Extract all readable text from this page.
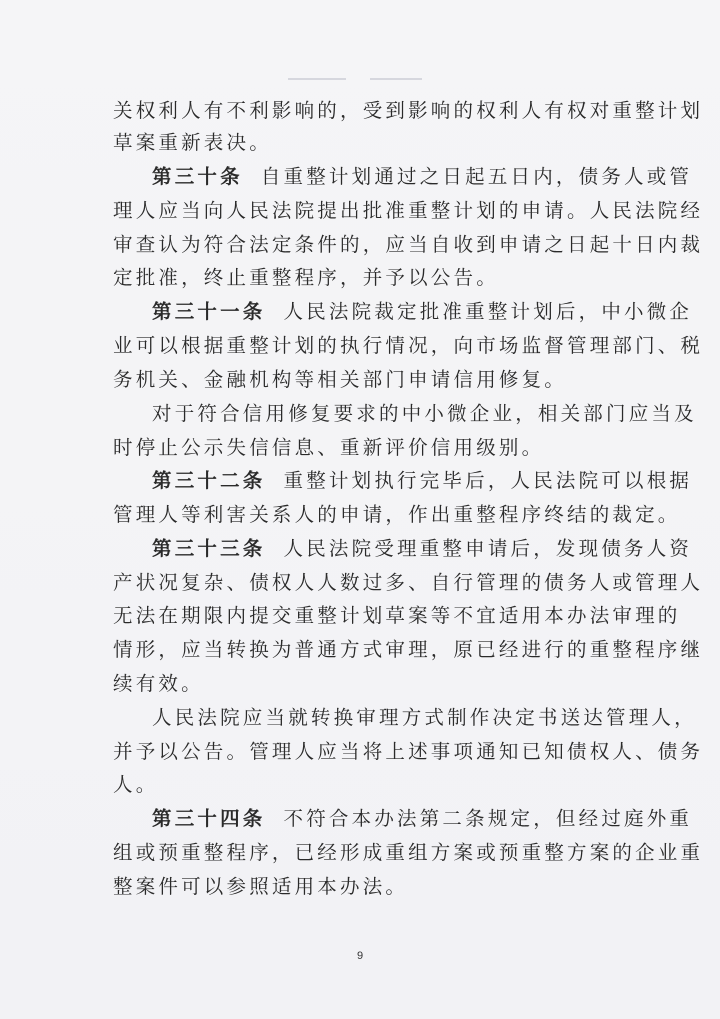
关权利人有不利影响的，受到影响的权利人有权对重整计划
草案重新表决。
第三十条 自重整计划通过之日起五日内，债务人或管
理人应当向人民法院提出批准重整计划的申请。人民法院经
审查认为符合法定条件的，应当自收到申请之日起十日内裁
定批准，终止重整程序，并予以公告。
第三十一条 人民法院裁定批准重整计划后，中小微企
业可以根据重整计划的执行情况，向市场监督管理部门、税
务机关、金融机构等相关部门申请信用修复。
对于符合信用修复要求的中小微企业，相关部门应当及
时停止公示失信信息、重新评价信用级别。
第三十二条 重整计划执行完毕后，人民法院可以根据
管理人等利害关系人的申请，作出重整程序终结的裁定。
第三十三条 人民法院受理重整申请后，发现债务人资
产状况复杂、债权人人数过多、自行管理的债务人或管理人
无法在期限内提交重整计划草案等不宜适用本办法审理的
情形，应当转换为普通方式审理，原已经进行的重整程序继
续有效。
人民法院应当就转换审理方式制作决定书送达管理人，
并予以公告。管理人应当将上述事项通知已知债权人、债务
人。
第三十四条 不符合本办法第二条规定，但经过庭外重
组或预重整程序，已经形成重组方案或预重整方案的企业重
整案件可以参照适用本办法。
9
